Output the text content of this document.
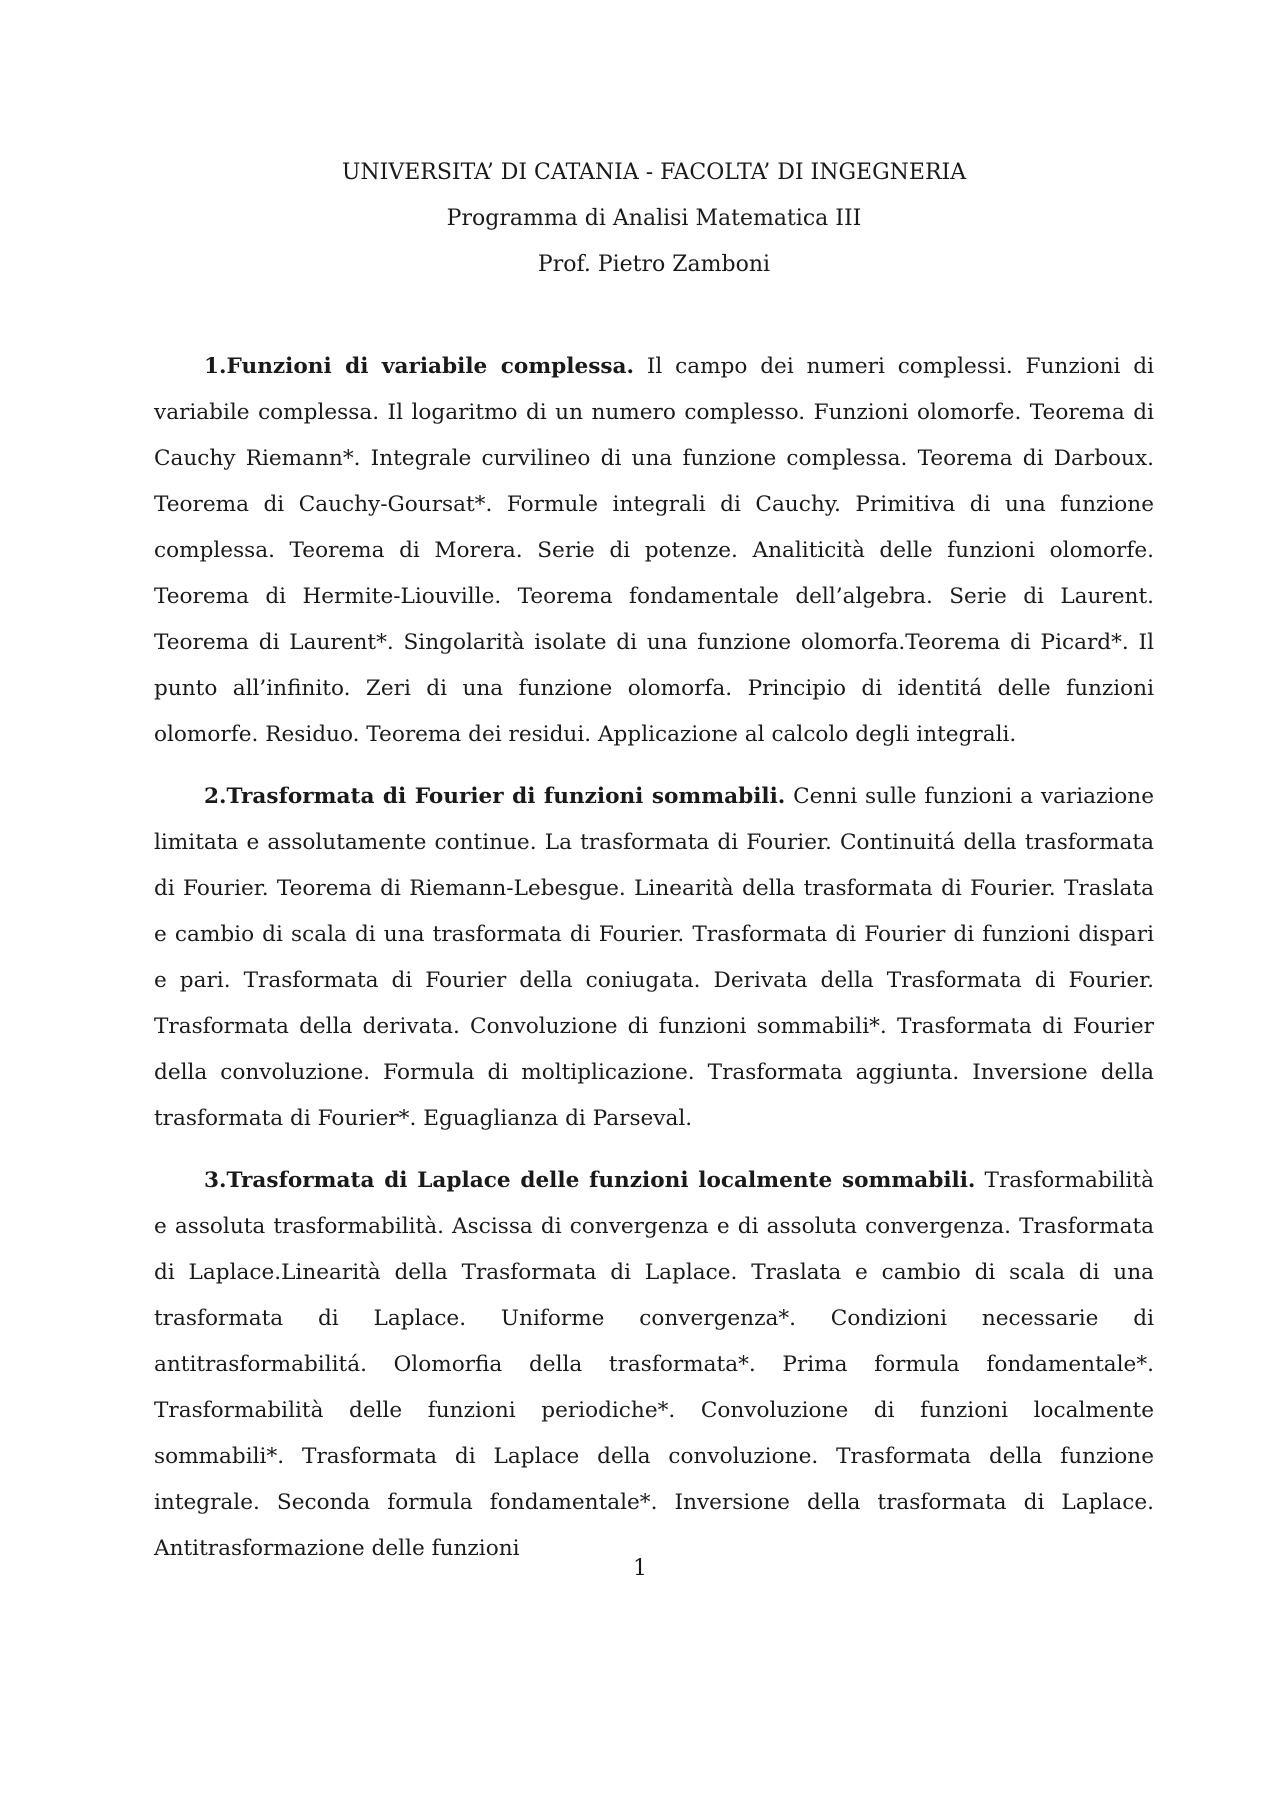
UNIVERSITA’ DI CATANIA - FACOLTA’ DI INGEGNERIA
Programma di Analisi Matematica III
Prof. Pietro Zamboni

1.Funzioni di variabile complessa. Il campo dei numeri complessi. Funzioni di variabile complessa. Il logaritmo di un numero complesso. Funzioni olomorfe. Teorema di Cauchy Riemann*. Integrale curvilineo di una funzione complessa. Teorema di Darboux. Teorema di Cauchy-Goursat*. Formule integrali di Cauchy. Primitiva di una funzione complessa. Teorema di Morera. Serie di potenze. Analiticità delle funzioni olomorfe. Teorema di Hermite-Liouville. Teorema fondamentale dell’algebra. Serie di Laurent. Teorema di Laurent*. Singolarità isolate di una funzione olomorfa.Teorema di Picard*. Il punto all’infinito. Zeri di una funzione olomorfa. Principio di identitá delle funzioni olomorfe. Residuo. Teorema dei residui. Applicazione al calcolo degli integrali.

2.Trasformata di Fourier di funzioni sommabili. Cenni sulle funzioni a variazione limitata e assolutamente continue. La trasformata di Fourier. Continuitá della trasformata di Fourier. Teorema di Riemann-Lebesgue. Linearità della trasformata di Fourier. Traslata e cambio di scala di una trasformata di Fourier. Trasformata di Fourier di funzioni dispari e pari. Trasformata di Fourier della coniugata. Derivata della Trasformata di Fourier. Trasformata della derivata. Convoluzione di funzioni sommabili*. Trasformata di Fourier della convoluzione. Formula di moltiplicazione. Trasformata aggiunta. Inversione della trasformata di Fourier*. Eguaglianza di Parseval.

3.Trasformata di Laplace delle funzioni localmente sommabili. Trasformabilità e assoluta trasformabilità. Ascissa di convergenza e di assoluta convergenza. Trasformata di Laplace.Linearità della Trasformata di Laplace. Traslata e cambio di scala di una trasformata di Laplace. Uniforme convergenza*. Condizioni necessarie di antitrasformabilitá. Olomorfia della trasformata*. Prima formula fondamentale*. Trasformabilità delle funzioni periodiche*. Convoluzione di funzioni localmente sommabili*. Trasformata di Laplace della convoluzione. Trasformata della funzione integrale. Seconda formula fondamentale*. Inversione della trasformata di Laplace. Antitrasformazione delle funzioni

1
